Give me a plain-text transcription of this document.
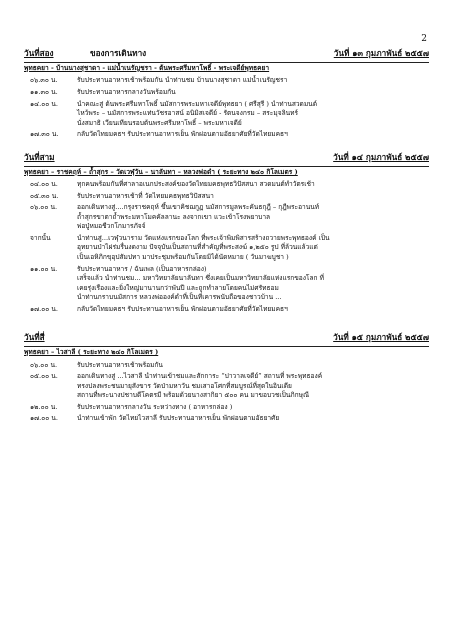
2
วันที่สอง	ของการเดินทาง	วันที่ ๑๓ กุมภาพันธ์ ๒๕๕๗
พุทธคยา - บ้านนางสุชาดา - แม่น้ำเนรัญชรา - ต้นพระศรีมหาโพธิ์ - พระเจดีย์พุทธคยา
๐๖.๓๐ น.	รับประทานอาหารเช้าพร้อมกัน นำท่านชม บ้านนางสุชาดา แม่น้ำเนรัญชรา
๑๑.๓๐ น.	รับประทานอาหารกลางวันพร้อมกัน
๑๔.๐๐ น.	นำคณะสู่ ต้นพระศรีมหาโพธิ์ นมัสการพระมหาเจดีย์พุทธยา ( ศรีสุรี ) นำท่านสวดมนต์
ไหว้พระ – นมัสการพระแท่นวัชรอาสน์ อนิมิสเจดีย์ - รัตนจงกรม – สระมุจลินทร์
นั่งสมาธิ เวียนเทียนรอบต้นพระศรีมหาโพธิ์ – พระมหาเจดีย์
๑๗.๓๐ น.	กลับวัดไทยมคธฯ รับประทานอาหารเย็น พักผ่อนตามอัธยาศัยที่วัดไทยมคธฯ
วันที่สาม	วันที่ ๑๔ กุมภาพันธ์ ๒๕๕๗
พุทธคยา – ราชคฤห์ – ถ้ำสุกร – วัดเวฬุวัน – นาลันทา – หลวงพ่อดำ ( ระยะทาง ๒๔๐ กิโลเมตร )
๐๔.๐๐ น.	ทุกคนพร้อมกันที่ศาลาอเนกประสงค์ของวัดไทยมคธพุทธวิปัสสนา สวดมนต์ทำวัตรเช้า
๐๕.๓๐ น.	รับประทานอาหารเช้าที่ วัดไทยมคธพุทธวิปัสสนา
๐๖.๐๐ น.	ออกเดินทางสู่....กรุงราชคฤห์ ขึ้นเขาคิชฌกูฏ นมัสการมูลพระคันธกุฎี – กุฎีพระอานนท์
ถ้ำสุกรขาตาถ้ำพระมหาโมคคัลลานะ ลงจากเขา แวะเข้าโรงพยาบาล
พ่อปู่หมอชีวกโกมารภัจจ์
จากนั้น	นำท่านสู่...เวฬุวนาราม วัดแห่งแรกของโลก ที่พระเจ้าพิมพิสารสร้างถวายพระพุทธองค์ เป็น
อุทยานป่าไผ่ร่มรื่นงดงาม ปัจจุบันเป็นสถานที่สำคัญที่พระสงฆ์ ๑,๒๕๐ รูป ที่ล้วนแล้วแต่
เป็นเอหิภิกขุอุปสัมปทา มาประชุมพร้อมกันโดยมิได้นัดหมาย ( วันมาฆบูชา )
๑๑.๐๐ น.	รับประทานอาหาร / ฉันเพล (เป็นอาหารกล่อง)
เสร็จแล้ว นำท่านชม... มหาวิทยาลัยนาลันทา ซึ่งเคยเป็นมหาวิทยาลัยแห่งแรกของโลก ที่
เคยรุ่งเรืองและยิ่งใหญ่มานานกว่าพันปี และถูกทำลายโดยคนไม่ศรัทธอม
นำท่านกราบนมัสการ หลวงพ่อองค์ดำที่เป็นที่เคารพนับถือของชาวบ้าน ...
๑๗.๐๐ น.	กลับวัดไทยมคธฯ รับประทานอาหารเย็น พักผ่อนตามอัธยาศัยที่วัดไทยมคธฯ
วันที่สี่	วันที่ ๑๕ กุมภาพันธ์ ๒๕๕๗
พุทธคยา – ไวสาลี ( ระยะทาง ๒๔๐ กิโลเมตร )
๐๖.๐๐ น.	รับประทานอาหารเช้าพร้อมกัน
๐๕.๐๐ น.	ออกเดินทางสู่ ...ไวสาลี นำท่านเข้าชมและสักการะ “ปาวาลเจดีย์” สถานที่ พระพุทธองค์
ทรงปลงพระชนมายุสังขาร วัดป่ามหาวัน ชมเสาอโศกที่สมบูรณ์ที่สุดในอินเดีย
สถานที่พระนางปชาบดีโคตรมี พร้อมด้วยนางสากิยา ๕๐๐ คน มาขอบวชเป็นภิกษุณี
๑๒.๐๐ น.	รับประทานอาหารกลางวัน ระหว่างทาง ( อาหารกล่อง )
๑๗.๐๐ น.	นำท่านเข้าพัก วัดไทยไวสาลี รับประทานอาหารเย็น พักผ่อนตามอัธยาศัย
